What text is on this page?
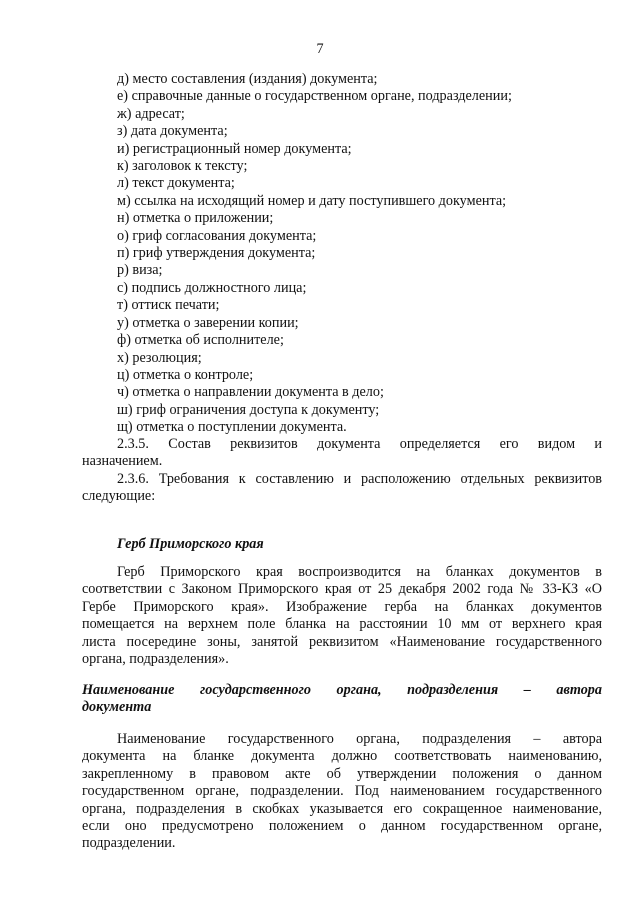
7
д) место составления (издания) документа;
е) справочные данные о государственном органе, подразделении;
ж) адресат;
з) дата документа;
и) регистрационный номер документа;
к) заголовок к тексту;
л) текст документа;
м) ссылка на исходящий номер и дату поступившего документа;
н) отметка о приложении;
о) гриф согласования документа;
п) гриф утверждения документа;
р) виза;
с) подпись должностного лица;
т) оттиск печати;
у) отметка о заверении копии;
ф) отметка об исполнителе;
х) резолюция;
ц) отметка о контроле;
ч) отметка о направлении документа в дело;
ш) гриф ограничения доступа к документу;
щ) отметка о поступлении документа.
2.3.5. Состав реквизитов документа определяется его видом и
назначением.
2.3.6. Требования к составлению и расположению отдельных реквизитов
следующие:
Герб Приморского края
Герб Приморского края воспроизводится на бланках документов в
соответствии с Законом Приморского края от 25 декабря 2002 года № 33-КЗ «О
Гербе Приморского края». Изображение герба на бланках документов
помещается на верхнем поле бланка на расстоянии 10 мм от верхнего края
листа посередине зоны, занятой реквизитом «Наименование государственного
органа, подразделения».
Наименование государственного органа, подразделения – автора
документа
Наименование государственного органа, подразделения – автора
документа на бланке документа должно соответствовать наименованию,
закрепленному в правовом акте об утверждении положения о данном
государственном органе, подразделении. Под наименованием государственного
органа, подразделения в скобках указывается его сокращенное наименование,
если оно предусмотрено положением о данном государственном органе,
подразделении.
